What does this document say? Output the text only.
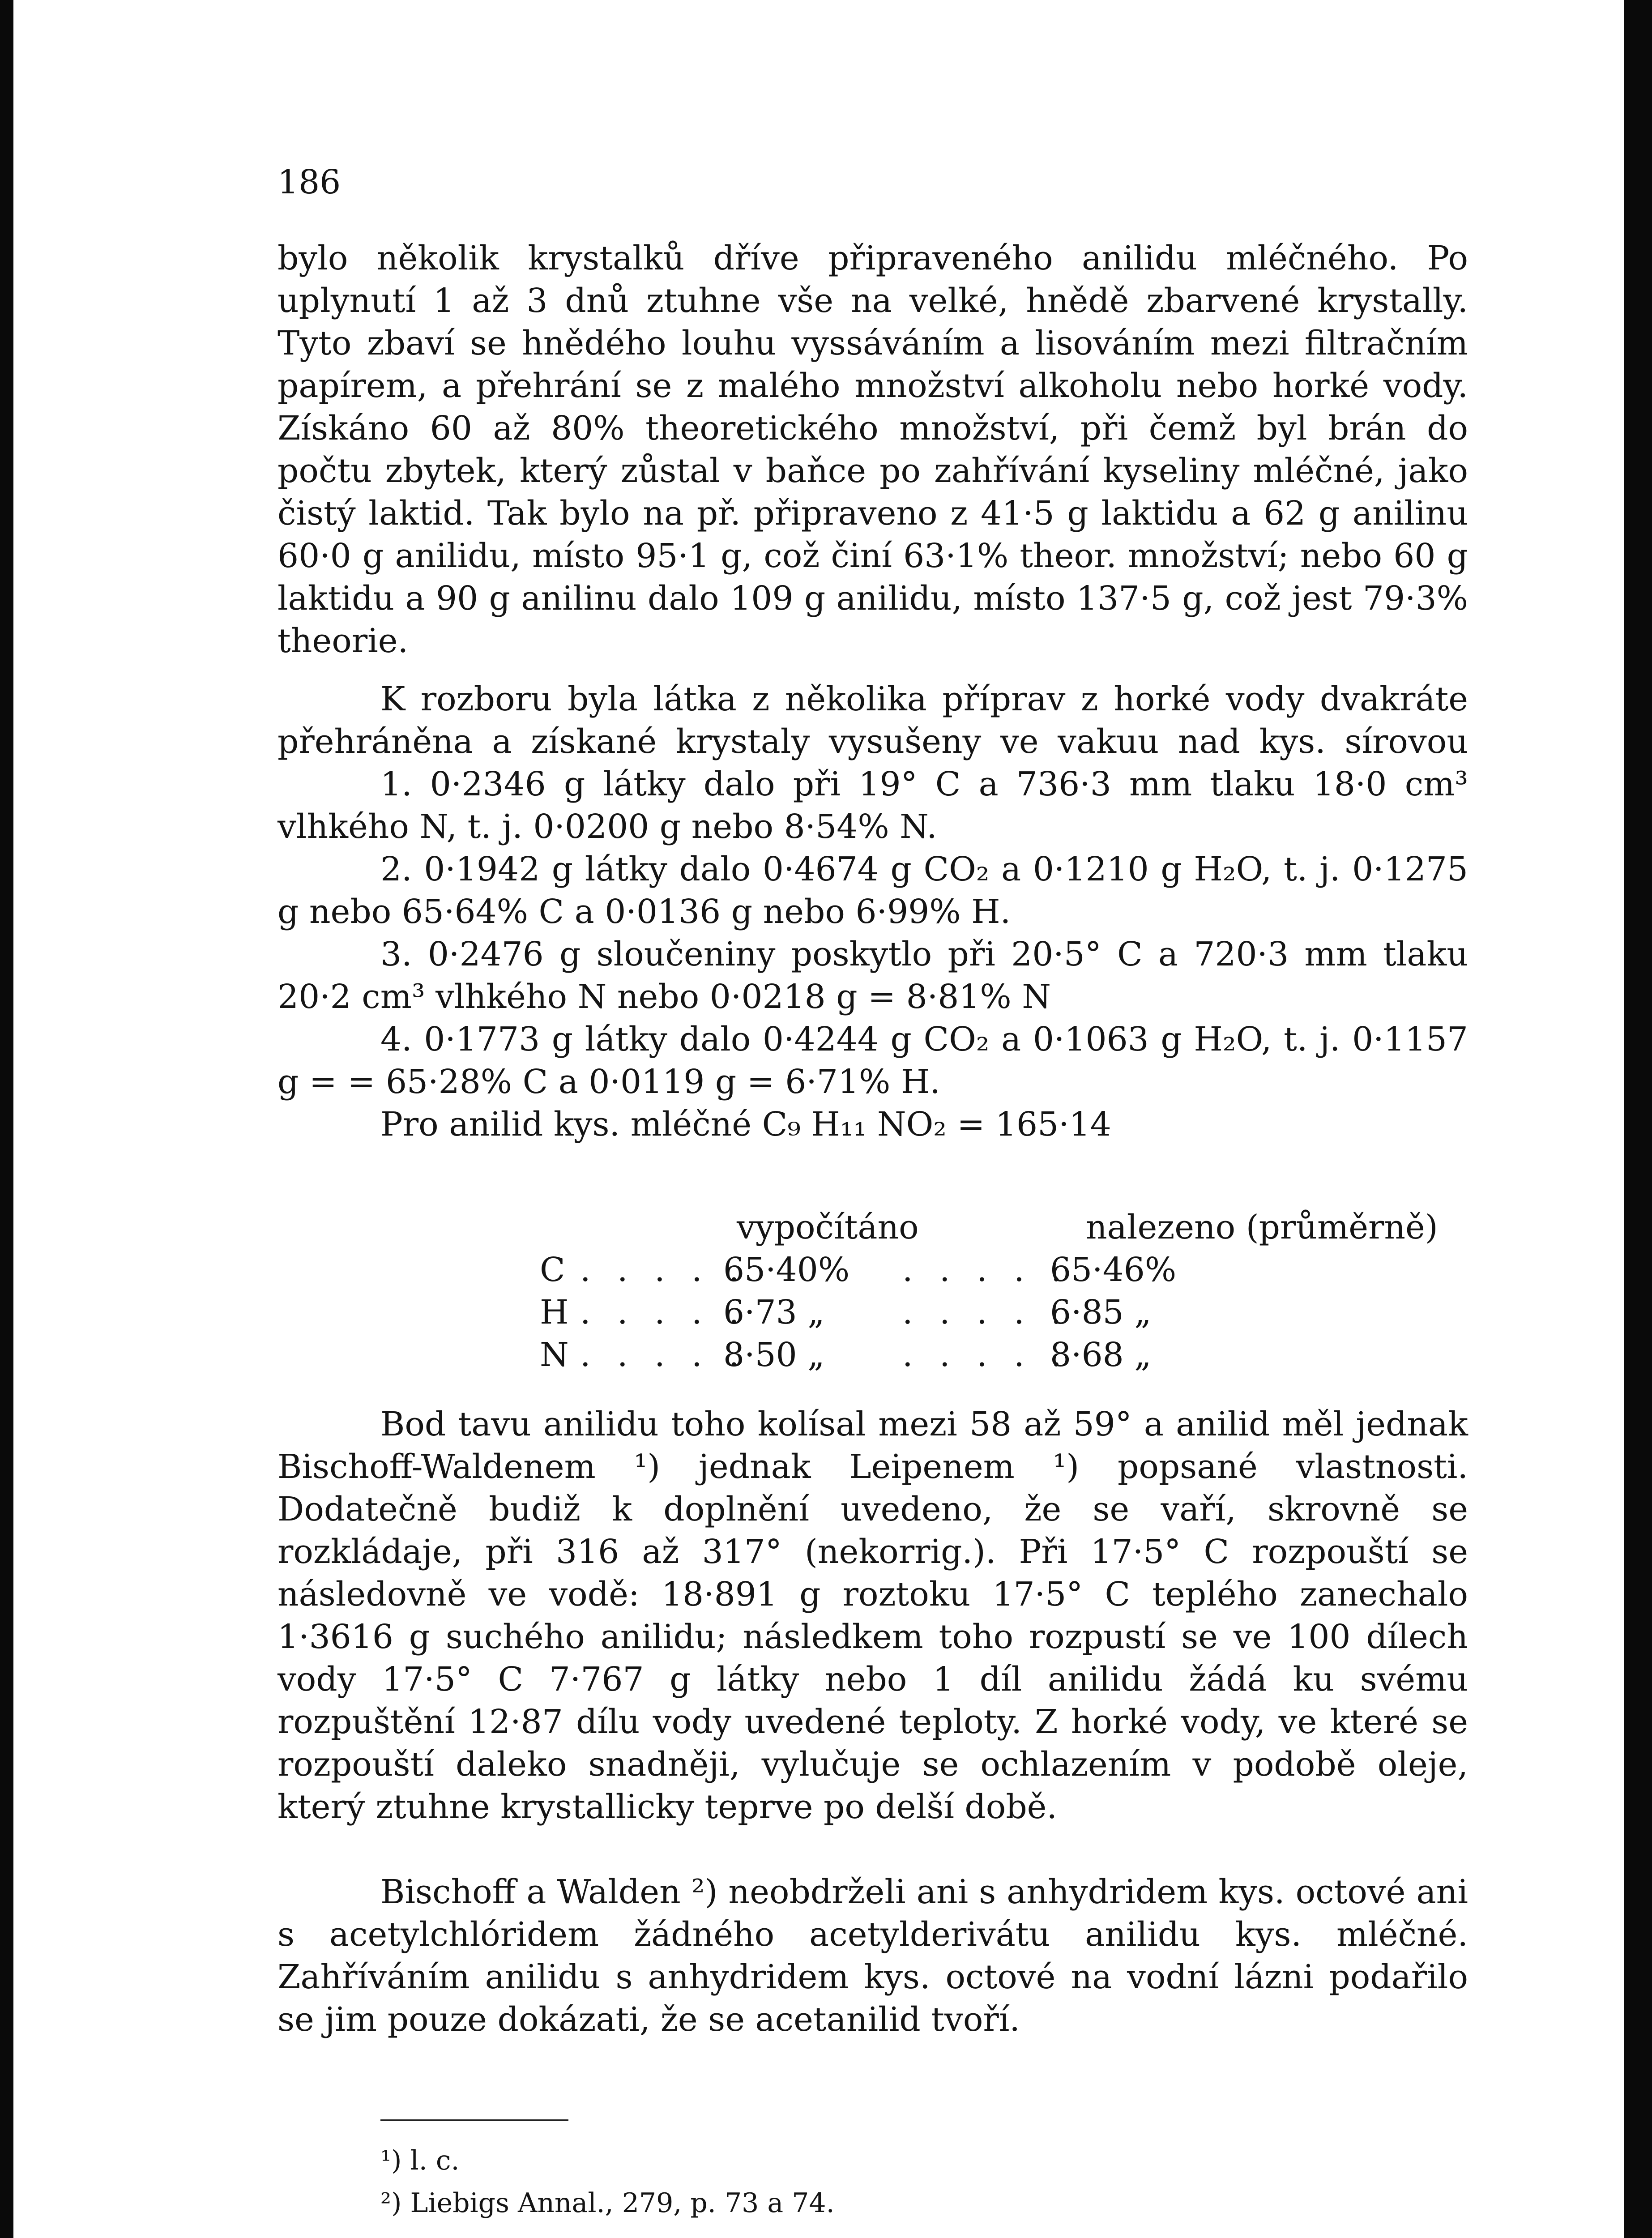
186
bylo několik krystalků dříve připraveného anilidu mléčného. Po uplynutí 1 až 3 dnů ztuhne vše na velké, hnědě zbarvené krystally. Tyto zbaví se hnědého louhu vyssáváním a lisováním mezi filtračním papírem, a přehrání se z malého množství alkoholu nebo horké vody. Získáno 60 až 80% theoretického množství, při čemž byl brán do počtu zbytek, který zůstal v baňce po zahřívání kyseliny mléčné, jako čistý laktid. Tak bylo na př. připraveno z 41·5 g laktidu a 62 g anilinu 60·0 g anilidu, místo 95·1 g, což činí 63·1% theor. množství; nebo 60 g laktidu a 90 g anilinu dalo 109 g anilidu, místo 137·5 g, což jest 79·3% theorie.
K rozboru byla látka z několika příprav z horké vody dvakráte přehráněna a získané krystaly vysušeny ve vakuu nad kys. sírovou
1. 0·2346 g látky dalo při 19° C a 736·3 mm tlaku 18·0 cm³ vlhkého N, t. j. 0·0200 g nebo 8·54% N.
2. 0·1942 g látky dalo 0·4674 g CO₂ a 0·1210 g H₂O, t. j. 0·1275 g nebo 65·64% C a 0·0136 g nebo 6·99% H.
3. 0·2476 g sloučeniny poskytlo při 20·5° C a 720·3 mm tlaku 20·2 cm³ vlhkého N nebo 0·0218 g = 8·81% N
4. 0·1773 g látky dalo 0·4244 g CO₂ a 0·1063 g H₂O, t. j. 0·1157 g = = 65·28% C a 0·0119 g = 6·71% H.
Pro anilid kys. mléčné C₉ H₁₁ NO₂ = 165·14
vypočítáno	nalezeno (průměrně)
C . . . . .65·40% . . . . .65·46%
H . . . . .6·73 „ . . . . .6·85 „
N . . . . .8·50 „ . . . . .8·68 „
Bod tavu anilidu toho kolísal mezi 58 až 59° a anilid měl jednak Bischoff-Waldenem ¹) jednak Leipenem ¹) popsané vlastnosti. Dodatečně budiž k doplnění uvedeno, že se vaří, skrovně se rozkládaje, při 316 až 317° (nekorrig.). Při 17·5° C rozpouští se následovně ve vodě: 18·891 g roztoku 17·5° C teplého zanechalo 1·3616 g suchého anilidu; následkem toho rozpustí se ve 100 dílech vody 17·5° C 7·767 g látky nebo 1 díl anilidu žádá ku svému rozpuštění 12·87 dílu vody uvedené teploty. Z horké vody, ve které se rozpouští daleko snadněji, vylučuje se ochlazením v podobě oleje, který ztuhne krystallicky teprve po delší době.
Bischoff a Walden ²) neobdrželi ani s anhydridem kys. octové ani s acetylchlóridem žádného acetylderivátu anilidu kys. mléčné. Zahříváním anilidu s anhydridem kys. octové na vodní lázni podařilo se jim pouze dokázati, že se acetanilid tvoří.
¹) l. c.
²) Liebigs Annal., 279, p. 73 a 74.
